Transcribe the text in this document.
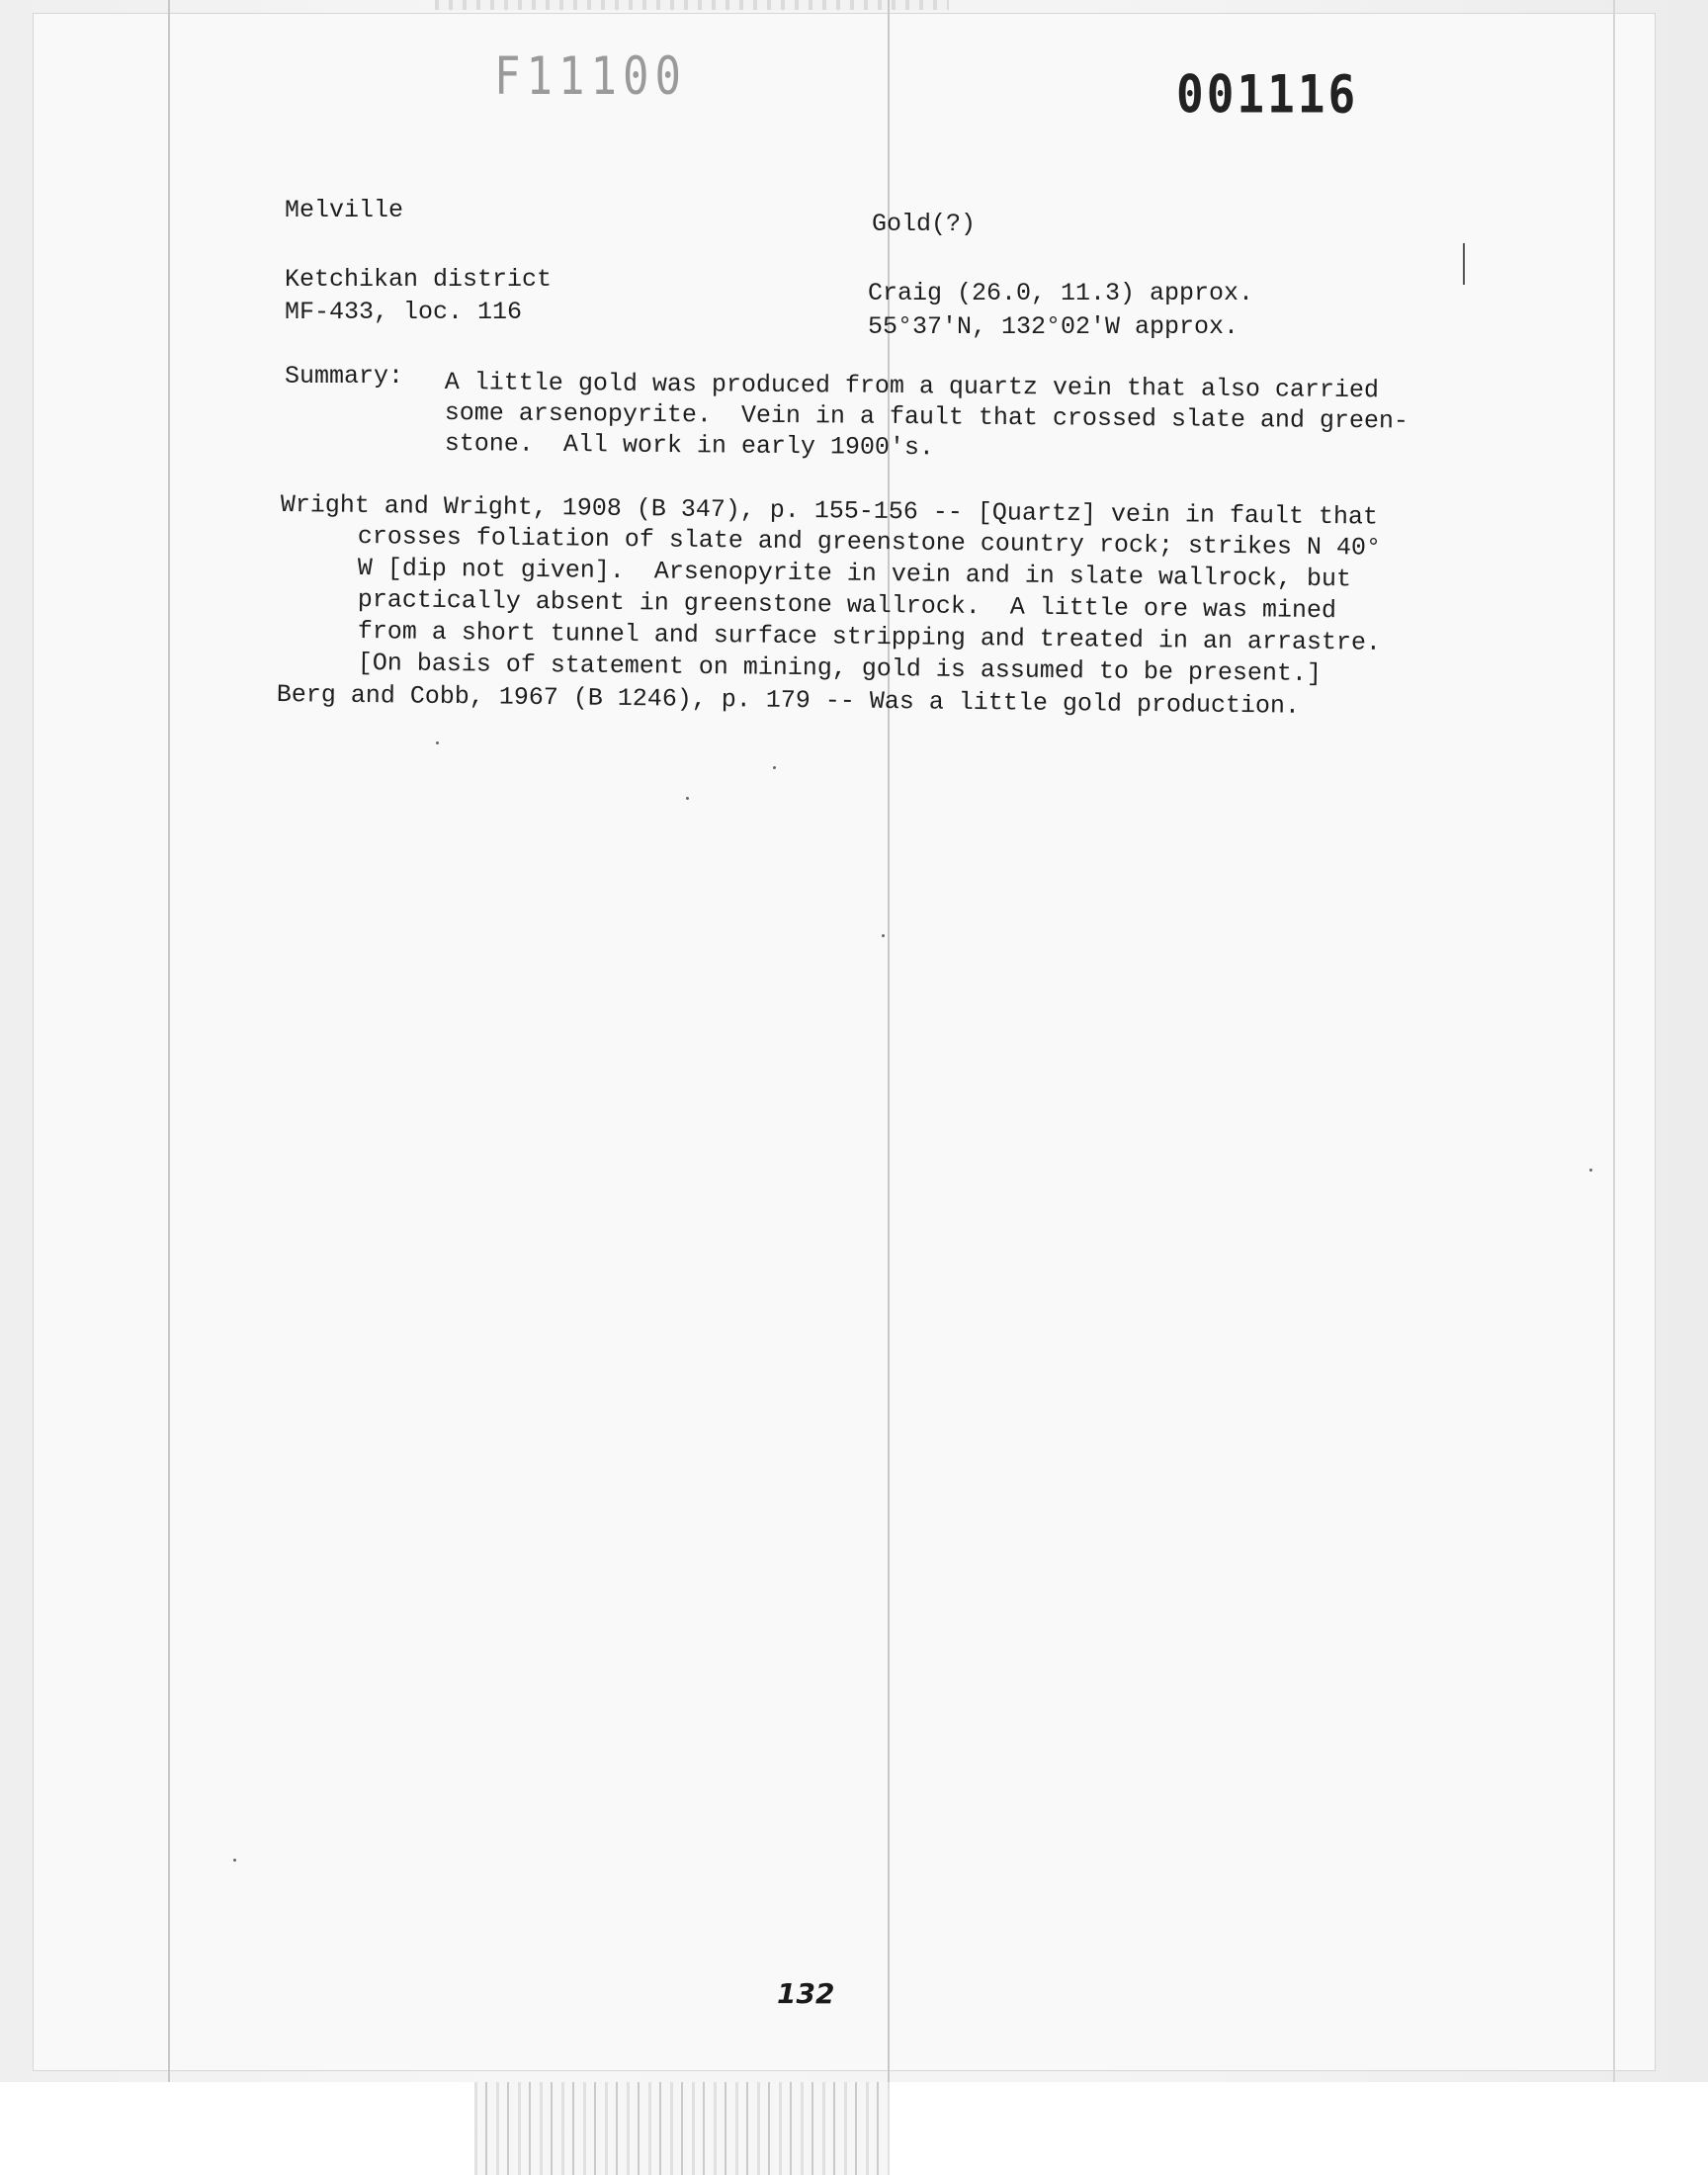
F11100	001116
Melville	Gold(?)
Ketchikan district
MF-433, loc. 116
Craig (26.0, 11.3) approx.
55°37'N, 132°02'W approx.
Summary: A little gold was produced from a quartz vein that also carried
some arsenopyrite.  Vein in a fault that crossed slate and green-
stone.  All work in early 1900's.
Wright and Wright, 1908 (B 347), p. 155-156 -- [Quartz] vein in fault that
crosses foliation of slate and greenstone country rock; strikes N 40°
W [dip not given].  Arsenopyrite in vein and in slate wallrock, but
practically absent in greenstone wallrock.  A little ore was mined
from a short tunnel and surface stripping and treated in an arrastre.
[On basis of statement on mining, gold is assumed to be present.]
Berg and Cobb, 1967 (B 1246), p. 179 -- Was a little gold production.
132
